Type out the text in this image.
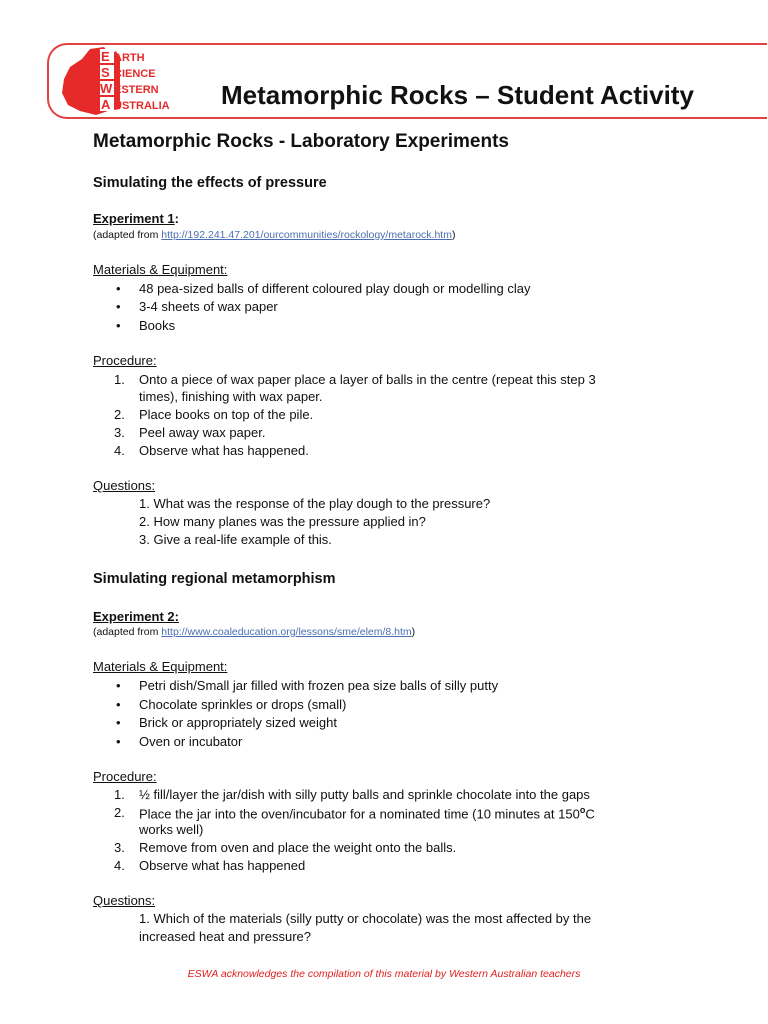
E ARTH
S CIENCE
W ESTERN
A USTRALIA Metamorphic Rocks – Student Activity
Metamorphic Rocks - Laboratory Experiments
Simulating the effects of pressure
Experiment 1:
(adapted from http://192.241.47.201/ourcommunities/rockology/metarock.htm)
Materials & Equipment:
• 48 pea-sized balls of different coloured play dough or modelling clay
• 3-4 sheets of wax paper
• Books
Procedure:
1. Onto a piece of wax paper place a layer of balls in the centre (repeat this step 3
times), finishing with wax paper.
2. Place books on top of the pile.
3. Peel away wax paper.
4. Observe what has happened.
Questions:
1. What was the response of the play dough to the pressure?
2. How many planes was the pressure applied in?
3. Give a real-life example of this.
Simulating regional metamorphism
Experiment 2:
(adapted from http://www.coaleducation.org/lessons/sme/elem/8.htm)
Materials & Equipment:
• Petri dish/Small jar filled with frozen pea size balls of silly putty
• Chocolate sprinkles or drops (small)
• Brick or appropriately sized weight
• Oven or incubator
Procedure:
1. ½ fill/layer the jar/dish with silly putty balls and sprinkle chocolate into the gaps
2. Place the jar into the oven/incubator for a nominated time (10 minutes at 150$^o$C
works well)
3. Remove from oven and place the weight onto the balls.
4. Observe what has happened
Questions:
1. Which of the materials (silly putty or chocolate) was the most affected by the
increased heat and pressure?
ESWA acknowledges the compilation of this material by Western Australian teachers
